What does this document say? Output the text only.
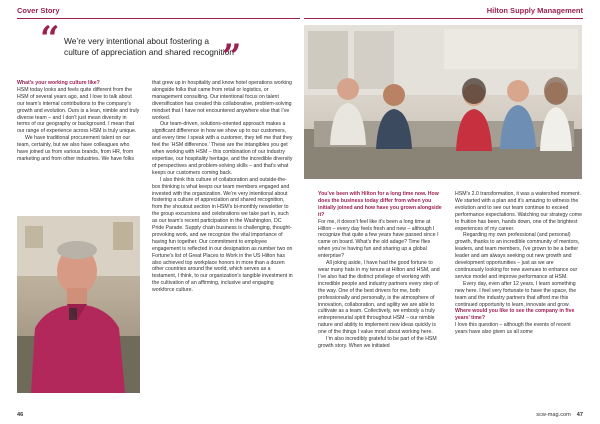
Cover Story	Hilton Supply Management
“ We’re very intentional about fostering a culture of appreciation and shared recognition
”

What’s your working culture like?

HSM today looks and feels quite different from the HSM of several years ago, and I love to talk about our team’s internal contributions to the company’s growth and evolution. Ours is a lean, nimble and truly diverse team – and I don’t just mean diversity in terms of our geography or background. I mean that our range of experience across HSM is truly unique.

We have traditional procurement talent on our team, certainly, but we also have colleagues who have joined us from various brands, from HR, from marketing and from other industries. We have folks

that grew up in hospitality and know hotel operations working alongside folks that came from retail or logistics, or management consulting. Our intentional focus on talent diversification has created this collaborative, problem-solving mindset that I have not encountered anywhere else that I’ve worked.

Our team-driven, solutions-oriented approach makes a significant difference in how we show up to our customers, and every time I speak with a customer, they tell me that they feel the ‘HSM difference.’ These are the intangibles you get when working with HSM – this combination of our industry expertise, our hospitality heritage, and the incredible diversity of perspectives and problem-solving skills – and that’s what keeps our customers coming back.

I also think this culture of collaboration and outside-the-box thinking is what keeps our team members engaged and invested with the organization. We’re very intentional about fostering a culture of appreciation and shared recognition, from the shoutout section in HSM’s bi-monthly newsletter to the group excursions and celebrations we take part in, such as our team’s recent participation in the Washington, DC Pride Parade. Supply chain business is challenging, thought-provoking work, and we recognize the vital importance of having fun together. Our commitment to employee engagement is reflected in our designation as number two on Fortune’s list of Great Places to Work in the US Hilton has also achieved top workplace honors in more than a dozen other countries around the world, which serves as a testament, I think, to our organization’s tangible investment in the cultivation of an affirming, inclusive and engaging workforce culture.

You’ve been with Hilton for a long time now. How does the business today differ from when you initially joined and how have you grown alongside it?

For me, it doesn’t feel like it’s been a long time at Hilton – every day feels fresh and new – although I recognize that quite a few years have passed since I came on board. What’s the old adage? Time flies when you’re having fun and sharing up a global enterprise?

All joking aside, I have had the good fortune to wear many hats in my tenure at Hilton and HSM, and I’ve also had the distinct privilege of working with incredible people and industry partners every step of the way. One of the best drivers for me, both professionally and personally, is the atmosphere of innovation, collaboration, and agility we are able to cultivate as a team. Collectively, we embody a truly entrepreneurial spirit throughout HSM – our nimble nature and ability to implement new ideas quickly is one of the things I value most about working here.

I’m also incredibly grateful to be part of the HSM growth story. When we initiated

HSM’s 2.0 transformation, it was a watershed moment. We started with a plan and it’s amazing to witness the evolution and to see our team continue to exceed performance expectations. Watching our strategy come to fruition has been, hands down, one of the brightest experiences of my career.

Regarding my own professional (and personal) growth, thanks to an incredible community of mentors, leaders, and team members, I’ve grown to be a better leader and am always seeking out new growth and development opportunities – just as we are continuously looking for new avenues to enhance our service model and improve performance at HSM.

Every day, even after 12 years, I learn something new here. I feel very fortunate to have the space, the team and the industry partners that afford me this continued opportunity to learn, innovate and grow.

Where would you like to see the company in five years’ time?

I love this question – although the events of recent years have also given us all some

46	scw-mag.com 47
